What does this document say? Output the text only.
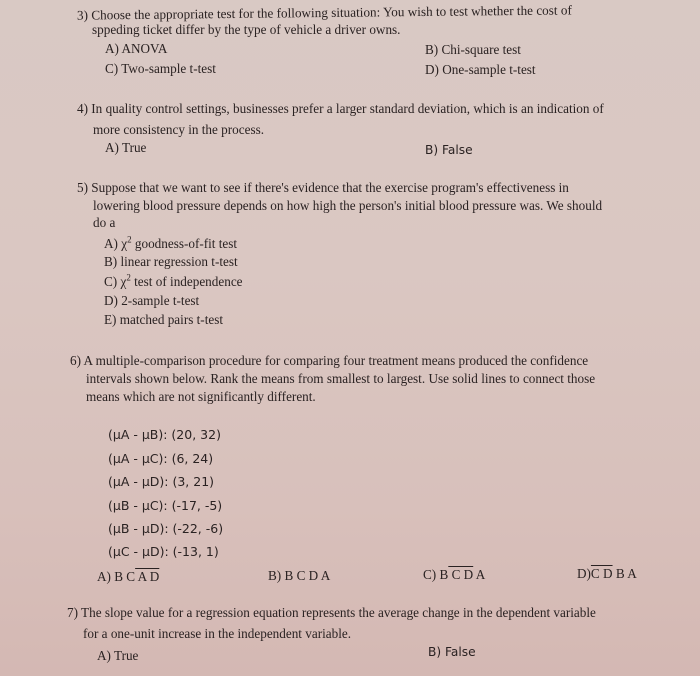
3) Choose the appropriate test for the following situation: You wish to test whether the cost of
sppeding ticket differ by the type of vehicle a driver owns.
A) ANOVA	B) Chi-square test
C) Two-sample t-test	D) One-sample t-test
4) In quality control settings, businesses prefer a larger standard deviation, which is an indication of
more consistency in the process.
A) True	B) False
5) Suppose that we want to see if there's evidence that the exercise program's effectiveness in
lowering blood pressure depends on how high the person's initial blood pressure was. We should
do a
A) $\chi^2$ goodness-of-fit test
B) linear regression t-test
C) $\chi^2$ test of independence
D) 2-sample t-test
E) matched pairs t-test
6) A multiple-comparison procedure for comparing four treatment means produced the confidence
intervals shown below. Rank the means from smallest to largest. Use solid lines to connect those
means which are not significantly different.
(μA - μB): (20, 32)
(μA - μC): (6, 24)
(μA - μD): (3, 21)
(μB - μC): (-17, -5)
(μB - μD): (-22, -6)
(μC - μD): (-13, 1)
A) B C A D	B) B C D A	C) B C D A	D)C D B A
7) The slope value for a regression equation represents the average change in the dependent variable
for a one-unit increase in the independent variable.
A) True	B) False
